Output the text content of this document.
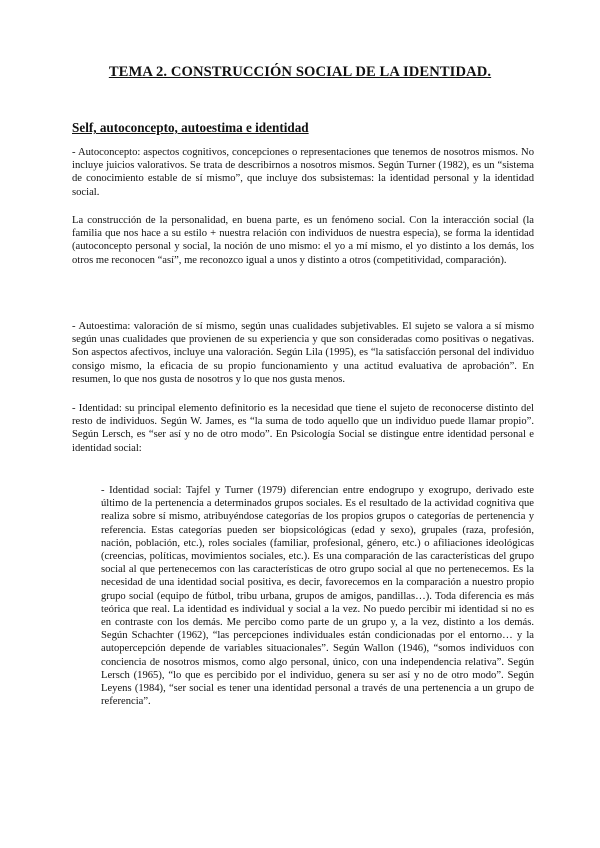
TEMA 2. CONSTRUCCIÓN SOCIAL DE LA IDENTIDAD.
Self, autoconcepto, autoestima e identidad

- Autoconcepto: aspectos cognitivos, concepciones o representaciones que tenemos de nosotros mismos. No incluye juicios valorativos. Se trata de describirnos a nosotros mismos. Según Turner (1982), es un “sistema de conocimiento estable de sí mismo”, que incluye dos subsistemas: la identidad personal y la identidad social.

La construcción de la personalidad, en buena parte, es un fenómeno social. Con la interacción social (la familia que nos hace a su estilo + nuestra relación con individuos de nuestra especia), se forma la identidad (autoconcepto personal y social, la noción de uno mismo: el yo a mí mismo, el yo distinto a los demás, los otros me reconocen “así”, me reconozco igual a unos y distinto a otros (competitividad, comparación).

- Autoestima: valoración de sí mismo, según unas cualidades subjetivables. El sujeto se valora a sí mismo según unas cualidades que provienen de su experiencia y que son consideradas como positivas o negativas. Son aspectos afectivos, incluye una valoración. Según Lila (1995), es “la satisfacción personal del individuo consigo mismo, la eficacia de su propio funcionamiento y una actitud evaluativa de aprobación”. En resumen, lo que nos gusta de nosotros y lo que nos gusta menos.

- Identidad: su principal elemento definitorio es la necesidad que tiene el sujeto de reconocerse distinto del resto de individuos. Según W. James, es “la suma de todo aquello que un individuo puede llamar propio”. Según Lersch, es “ser así y no de otro modo”. En Psicología Social se distingue entre identidad personal e identidad social:

- Identidad social: Tajfel y Turner (1979) diferencian entre endogrupo y exogrupo, derivado este último de la pertenencia a determinados grupos sociales. Es el resultado de la actividad cognitiva que realiza sobre sí mismo, atribuyéndose categorías de los propios grupos o categorías de pertenencia y referencia. Estas categorías pueden ser biopsicológicas (edad y sexo), grupales (raza, profesión, nación, población, etc.), roles sociales (familiar, profesional, género, etc.) o afiliaciones ideológicas (creencias, políticas, movimientos sociales, etc.). Es una comparación de las características del grupo social al que pertenecemos con las características de otro grupo social al que no pertenecemos. Es la necesidad de una identidad social positiva, es decir, favorecemos en la comparación a nuestro propio grupo social (equipo de fútbol, tribu urbana, grupos de amigos, pandillas…). Toda diferencia es más teórica que real. La identidad es individual y social a la vez. No puedo percibir mi identidad si no es en contraste con los demás. Me percibo como parte de un grupo y, a la vez, distinto a los demás. Según Schachter (1962), “las percepciones individuales están condicionadas por el entorno… y la autopercepción depende de variables situacionales”. Según Wallon (1946), “somos individuos con conciencia de nosotros mismos, como algo personal, único, con una independencia relativa”. Según Lersch (1965), “lo que es percibido por el individuo, genera su ser así y no de otro modo”. Según Leyens (1984), “ser social es tener una identidad personal a través de una pertenencia a un grupo de referencia”.
